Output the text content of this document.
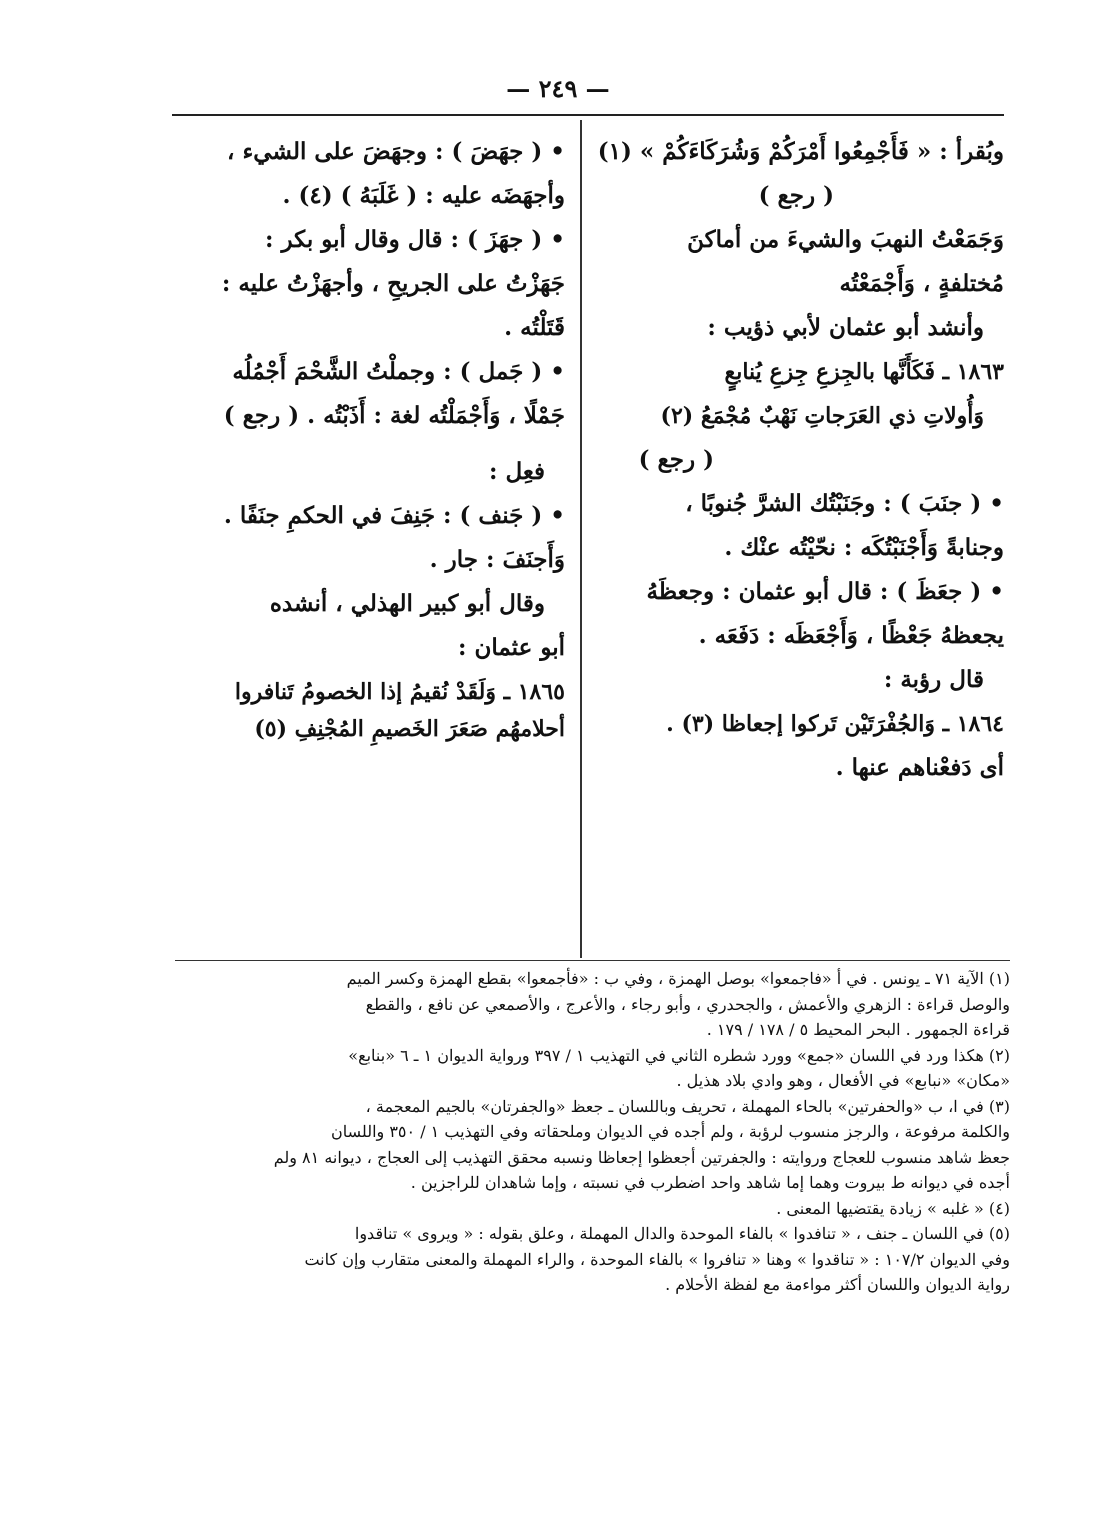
— ٢٤٩ —
وبُقرأ : « فَأَجْمِعُوا أَمْرَكُمْ وَشُرَكَاءَكُمْ » (١)
( رجع )
وَجَمَعْتُ النهبَ والشيءَ من أماكنَ
مُختلفةٍ ، وَأَجْمَعْتُه
وأنشد أبو عثمان لأبي ذؤيب :
١٨٦٣ ـ فَكَأَنَّها بالجِزعِ جِزعِ يُنابعٍ
وَأُولاتِ ذي العَرَجاتِ نَهْبٌ مُجْمَعُ (٢)
( رجع )
• ( جنَبَ ) : وجَنَبْتُك الشرَّ جُنوبًا ،
وجنابةً وَأَجْنَبْتُكَه : نحّيْتُه عنْك .
• ( جعَظَ ) : قال أبو عثمان : وجعظَهُ
يجعظهُ جَعْظًا ، وَأَجْعَظَه : دَفَعَه .
قال رؤبة :
١٨٦٤ ـ وَالجُفْرَتَيْن تَركوا إجعاظا (٣) .
أى دَفعْناهم عنها .
• ( جهَضَ ) : وجهَضَ على الشيء ،
وأجهَضَه عليه : ( غَلَبَهُ ) (٤) .
• ( جهَزَ ) : قال وقال أبو بكر :
جَهَزْتُ على الجريحِ ، وأجهَزْتُ عليه :
قَتَلْتُه .
• ( جَمل ) : وجملْتُ الشَّحْمَ أَجْمُلُه
جَمْلًا ، وَأَجْمَلْتُه لغة : أَذَبْتُه . ( رجع )
فعِل :
• ( جَنف ) : جَنِفَ في الحكمِ جنَفًا .
وَأَجنَفَ : جار .
وقال أبو كبير الهذلي ، أنشده
أبو عثمان :
١٨٦٥ ـ وَلَقَدْ نُقيمُ إذا الخصومُ تَنافروا
أحلامهُم صَعَرَ الخَصيمِ المُجْنِفِ (٥)
(١) الآية ٧١ ـ يونس . في أ «فاجمعوا» بوصل الهمزة ، وفي ب : «فأجمعوا» بقطع الهمزة وكسر الميم
والوصل قراءة : الزهري والأعمش ، والجحدري ، وأبو رجاء ، والأعرج ، والأصمعي عن نافع ، والقطع
قراءة الجمهور . البحر المحيط ٥ / ١٧٨ / ١٧٩ .
(٢) هكذا ورد في اللسان «جمع» وورد شطره الثاني في التهذيب ١ / ٣٩٧ ورواية الديوان ١ ـ ٦ «بنابع»
«مكان» «نبابع» في الأفعال ، وهو وادي بلاد هذيل .
(٣) في ا، ب «والحفرتين» بالحاء المهملة ، تحريف وباللسان ـ جعظ «والجفرتان» بالجيم المعجمة ،
والكلمة مرفوعة ، والرجز منسوب لرؤبة ، ولم أجده في الديوان وملحقاته وفي التهذيب ١ / ٣٥٠ واللسان
جعظ شاهد منسوب للعجاج وروايته : والجفرتين أجعظوا إجعاظا ونسبه محقق التهذيب إلى العجاج ، ديوانه ٨١ ولم
أجده في ديوانه ط بيروت وهما إما شاهد واحد اضطرب في نسبته ، وإما شاهدان للراجزين .
(٤) « غلبه » زيادة يقتضيها المعنى .
(٥) في اللسان ـ جنف ، « تنافدوا » بالفاء الموحدة والدال المهملة ، وعلق بقوله : « ويروى » تناقدوا
وفي الديوان ١٠٧/٢ : « تناقدوا » وهنا « تنافروا » بالفاء الموحدة ، والراء المهملة والمعنى متقارب وإن كانت
رواية الديوان واللسان أكثر مواءمة مع لفظة الأحلام .
